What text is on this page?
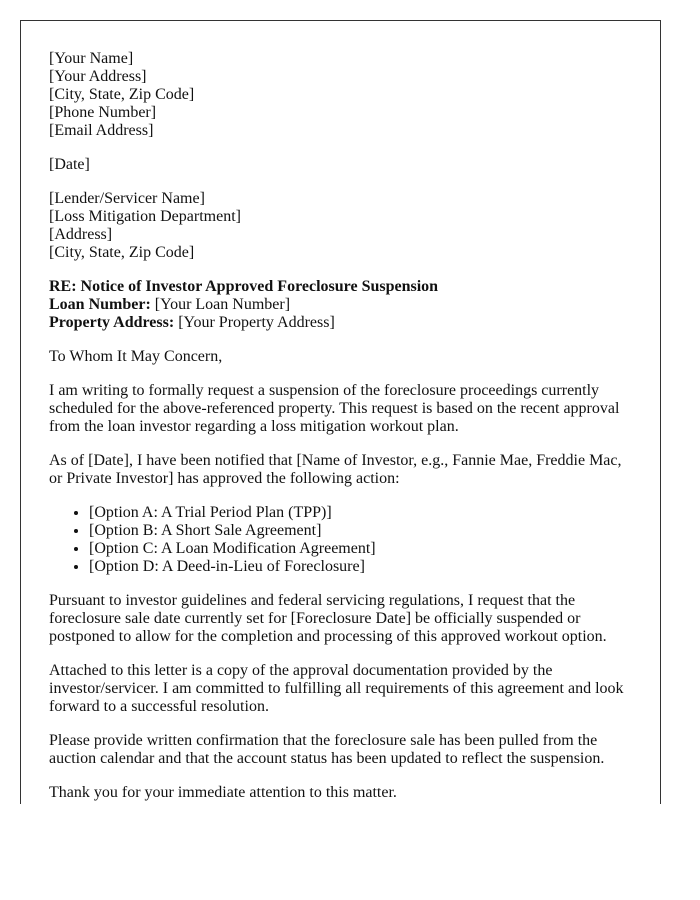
[Your Name]
[Your Address]
[City, State, Zip Code]
[Phone Number]
[Email Address]

[Date]

[Lender/Servicer Name]
[Loss Mitigation Department]
[Address]
[City, State, Zip Code]

RE: Notice of Investor Approved Foreclosure Suspension
Loan Number: [Your Loan Number]
Property Address: [Your Property Address]

To Whom It May Concern,

I am writing to formally request a suspension of the foreclosure proceedings currently scheduled for the above-referenced property. This request is based on the recent approval from the loan investor regarding a loss mitigation workout plan.

As of [Date], I have been notified that [Name of Investor, e.g., Fannie Mae, Freddie Mac, or Private Investor] has approved the following action:

• [Option A: A Trial Period Plan (TPP)]
• [Option B: A Short Sale Agreement]
• [Option C: A Loan Modification Agreement]
• [Option D: A Deed-in-Lieu of Foreclosure]

Pursuant to investor guidelines and federal servicing regulations, I request that the foreclosure sale date currently set for [Foreclosure Date] be officially suspended or postponed to allow for the completion and processing of this approved workout option.

Attached to this letter is a copy of the approval documentation provided by the investor/servicer. I am committed to fulfilling all requirements of this agreement and look forward to a successful resolution.

Please provide written confirmation that the foreclosure sale has been pulled from the auction calendar and that the account status has been updated to reflect the suspension.

Thank you for your immediate attention to this matter.
